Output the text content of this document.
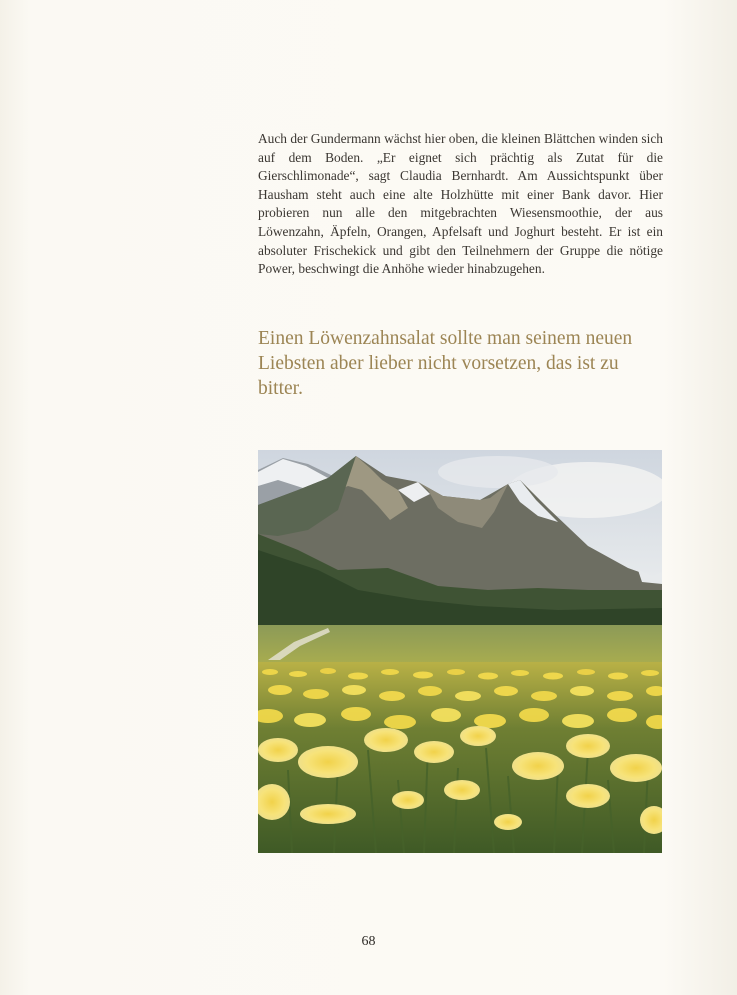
Auch der Gundermann wächst hier oben, die kleinen Blättchen winden sich auf dem Boden. „Er eignet sich prächtig als Zutat für die Gierschlimonade“, sagt Claudia Bernhardt. Am Aussichtspunkt über Hausham steht auch eine alte Holzhütte mit einer Bank davor. Hier probieren nun alle den mitgebrachten Wiesensmoothie, der aus Löwenzahn, Äpfeln, Orangen, Apfelsaft und Joghurt besteht. Er ist ein absoluter Frischekick und gibt den Teilnehmern der Gruppe die nötige Power, beschwingt die Anhöhe wieder hinabzugehen.

Einen Löwenzahnsalat sollte man seinem neuen Liebsten aber lieber nicht vorsetzen, das ist zu bitter.

68
